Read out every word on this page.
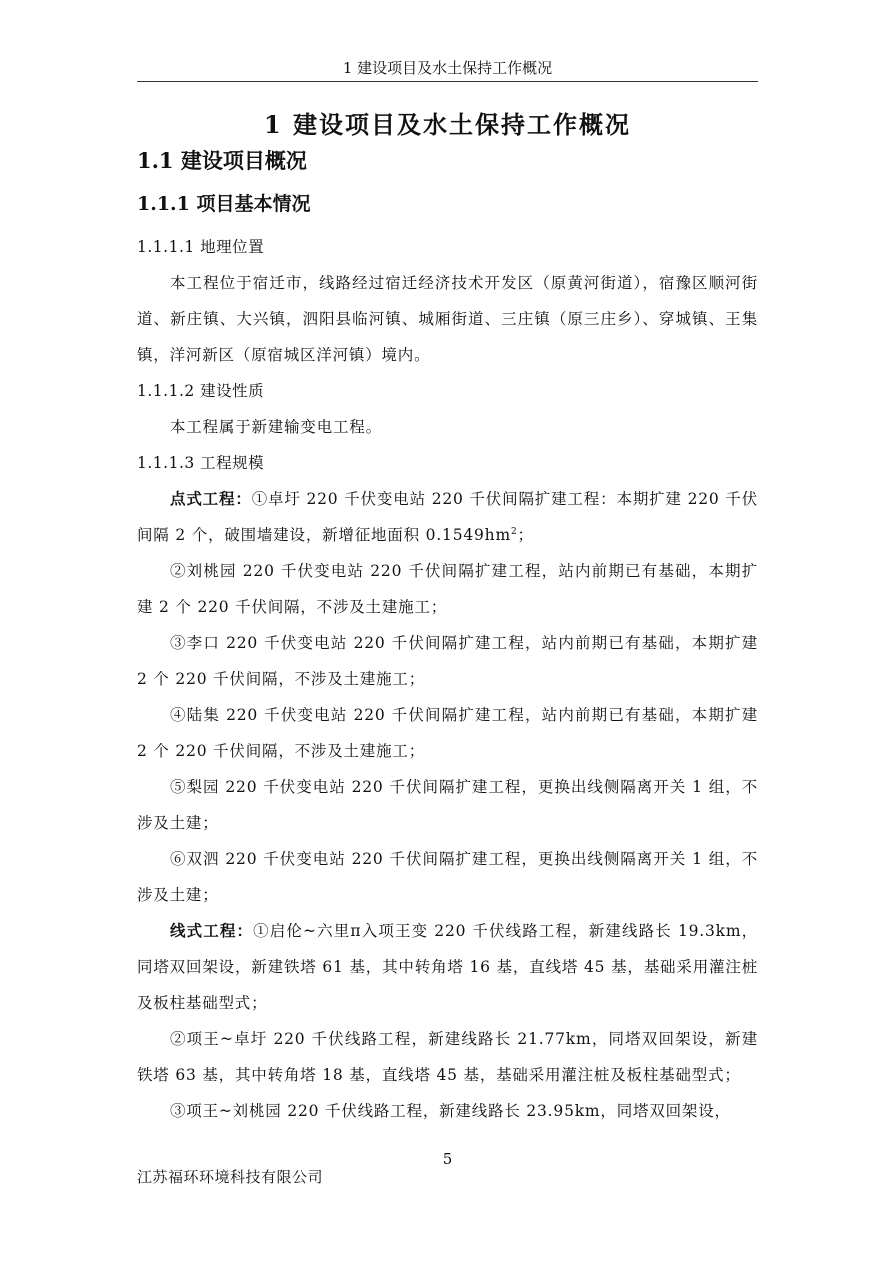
1 建设项目及水土保持工作概况
1 建设项目及水土保持工作概况
1.1 建设项目概况
1.1.1 项目基本情况

1.1.1.1 地理位置

本工程位于宿迁市，线路经过宿迁经济技术开发区（原黄河街道），宿豫区顺河街道、新庄镇、大兴镇，泗阳县临河镇、城厢街道、三庄镇（原三庄乡）、穿城镇、王集镇，洋河新区（原宿城区洋河镇）境内。

1.1.1.2 建设性质

本工程属于新建输变电工程。

1.1.1.3 工程规模

点式工程：①卓圩 220 千伏变电站 220 千伏间隔扩建工程：本期扩建 220 千伏间隔 2 个，破围墙建设，新增征地面积 $0.1549hm^2$；

②刘桃园 220 千伏变电站 220 千伏间隔扩建工程，站内前期已有基础，本期扩建 2 个 220 千伏间隔，不涉及土建施工；

③李口 220 千伏变电站 220 千伏间隔扩建工程，站内前期已有基础，本期扩建 2 个 220 千伏间隔，不涉及土建施工；

④陆集 220 千伏变电站 220 千伏间隔扩建工程，站内前期已有基础，本期扩建 2 个 220 千伏间隔，不涉及土建施工；

⑤梨园 220 千伏变电站 220 千伏间隔扩建工程，更换出线侧隔离开关 1 组，不涉及土建；

⑥双泗 220 千伏变电站 220 千伏间隔扩建工程，更换出线侧隔离开关 1 组，不涉及土建；

线式工程：①启伦~六里π入项王变 220 千伏线路工程，新建线路长 19.3km，同塔双回架设，新建铁塔 61 基，其中转角塔 16 基，直线塔 45 基，基础采用灌注桩及板柱基础型式；

②项王~卓圩 220 千伏线路工程，新建线路长 21.77km，同塔双回架设，新建铁塔 63 基，其中转角塔 18 基，直线塔 45 基，基础采用灌注桩及板柱基础型式；

③项王~刘桃园 220 千伏线路工程，新建线路长 23.95km，同塔双回架设，

5
江苏福环环境科技有限公司
